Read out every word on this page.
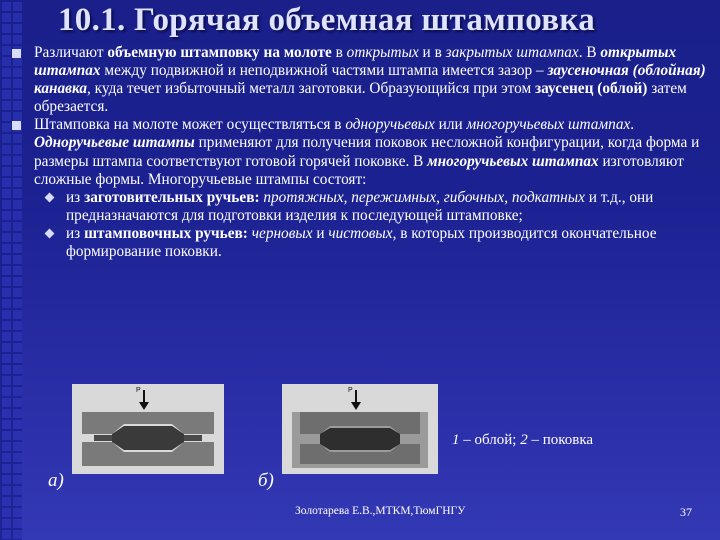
10.1. Горячая объемная штамповка
Различают объемную штамповку на молоте в открытых и в закрытых штампах. В открытых штампах между подвижной и неподвижной частями штампа имеется зазор – заусеночная (облойная) канавка, куда течет избыточный металл заготовки. Образующийся при этом заусенец (облой) затем обрезается.
Штамповка на молоте может осуществляться в одноручьевых или многоручьевых штампах. Одноручьевые штампы применяют для получения поковок несложной конфигурации, когда форма и размеры штампа соответствуют готовой горячей поковке. В многоручьевых штампах изготовляют сложные формы. Многоручьевые штампы состоят:
из заготовительных ручьев: протяжных, пережимных, гибочных, подкатных и т.д., они предназначаются для подготовки изделия к последующей штамповке;
из штамповочных ручьев: черновых и чистовых, в которых производится окончательное формирование поковки.
P	P
а)	б)
1 – облой; 2 – поковка
Золотарева Е.В.,МТКМ,ТюмГНГУ	37
